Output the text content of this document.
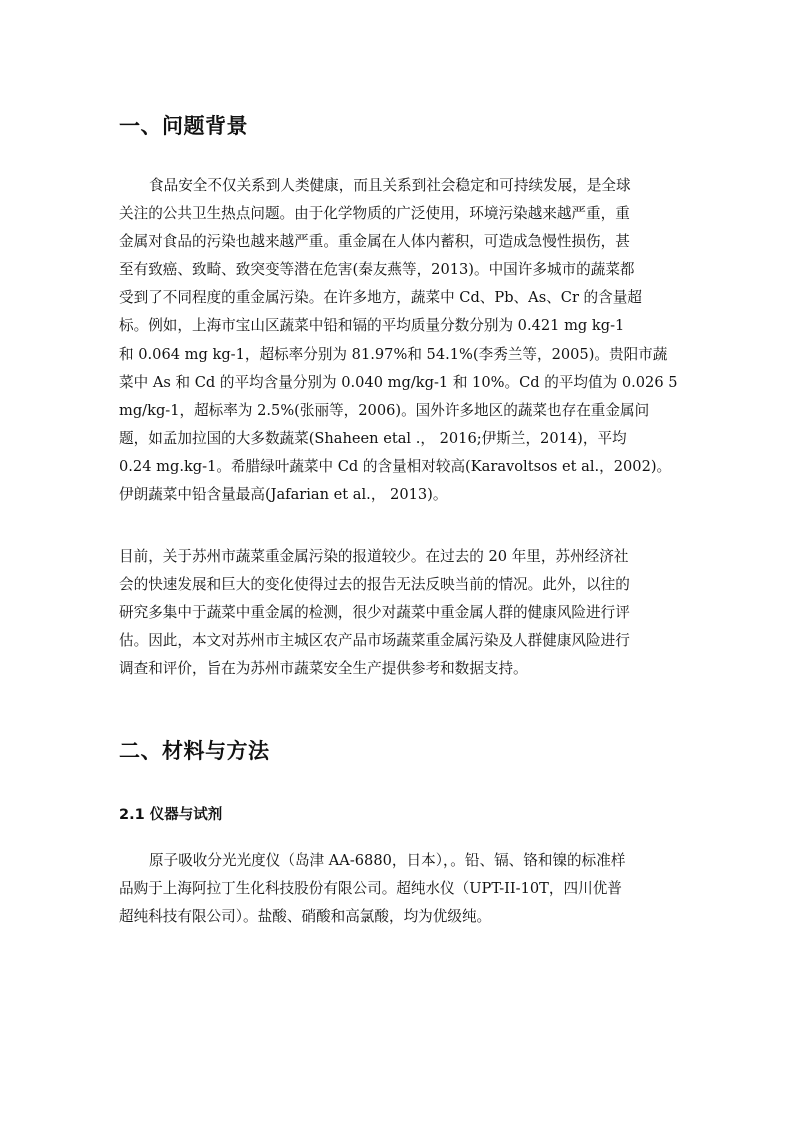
一、问题背景
食品安全不仅关系到人类健康，而且关系到社会稳定和可持续发展，是全球
关注的公共卫生热点问题。由于化学物质的广泛使用，环境污染越来越严重，重
金属对食品的污染也越来越严重。重金属在人体内蓄积，可造成急慢性损伤，甚
至有致癌、致畸、致突变等潜在危害(秦友燕等，2013)。中国许多城市的蔬菜都
受到了不同程度的重金属污染。在许多地方，蔬菜中 Cd、Pb、As、Cr 的含量超
标。例如，上海市宝山区蔬菜中铅和镉的平均质量分数分别为 0.421 mg kg-1
和 0.064 mg kg-1，超标率分别为 81.97%和 54.1%(李秀兰等，2005)。贵阳市蔬
菜中 As 和 Cd 的平均含量分别为 0.040 mg/kg-1 和 10%。Cd 的平均值为 0.026 5
mg/kg-1，超标率为 2.5%(张丽等，2006)。国外许多地区的蔬菜也存在重金属问
题，如孟加拉国的大多数蔬菜(Shaheen etal .， 2016;伊斯兰，2014)，平均
0.24 mg.kg-1。希腊绿叶蔬菜中 Cd 的含量相对较高(Karavoltsos et al.，2002)。
伊朗蔬菜中铅含量最高(Jafarian et al.， 2013)。
目前，关于苏州市蔬菜重金属污染的报道较少。在过去的 20 年里，苏州经济社
会的快速发展和巨大的变化使得过去的报告无法反映当前的情况。此外，以往的
研究多集中于蔬菜中重金属的检测，很少对蔬菜中重金属人群的健康风险进行评
估。因此，本文对苏州市主城区农产品市场蔬菜重金属污染及人群健康风险进行
调查和评价，旨在为苏州市蔬菜安全生产提供参考和数据支持。
二、材料与方法
2.1 仪器与试剂
原子吸收分光光度仪（岛津 AA-6880，日本），。铅、镉、铬和镍的标准样
品购于上海阿拉丁生化科技股份有限公司。超纯水仪（UPT-II-10T，四川优普
超纯科技有限公司）。盐酸、硝酸和高氯酸，均为优级纯。
